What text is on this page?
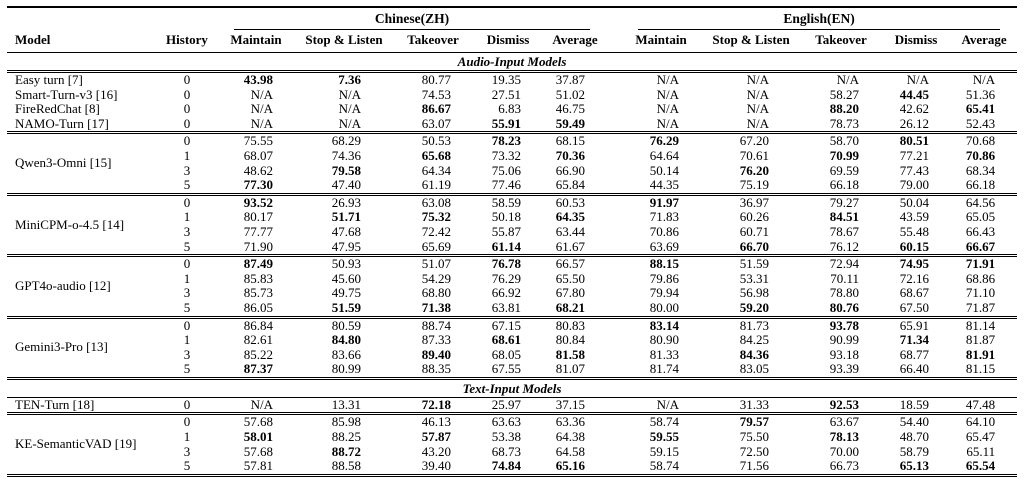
		Chinese(ZH)						English(EN)				

Model	History	Maintain	Stop & Listen	Takeover	Dismiss	Average		Maintain	Stop & Listen	Takeover	Dismiss	Average
Audio-Input Models												
Easy turn [7]	0	43.98	7.36	80.77	19.35	37.87		N/A	N/A	N/A	N/A	N/A
Smart-Turn-v3 [16]	0	N/A	N/A	74.53	27.51	51.02		N/A	N/A	58.27	44.45	51.36
FireRedChat [8]	0	N/A	N/A	86.67	6.83	46.75		N/A	N/A	88.20	42.62	65.41
NAMO-Turn [17]	0	N/A	N/A	63.07	55.91	59.49		N/A	N/A	78.73	26.12	52.43
Qwen3-Omni [15]	0	75.55	68.29	50.53	78.23	68.15		76.29	67.20	58.70	80.51	70.68
	1	68.07	74.36	65.68	73.32	70.36		64.64	70.61	70.99	77.21	70.86
	3	48.62	79.58	64.34	75.06	66.90		50.14	76.20	69.59	77.43	68.34
	5	77.30	47.40	61.19	77.46	65.84		44.35	75.19	66.18	79.00	66.18
MiniCPM-o-4.5 [14]	0	93.52	26.93	63.08	58.59	60.53		91.97	36.97	79.27	50.04	64.56
	1	80.17	51.71	75.32	50.18	64.35		71.83	60.26	84.51	43.59	65.05
	3	77.77	47.68	72.42	55.87	63.44		70.86	60.71	78.67	55.48	66.43
	5	71.90	47.95	65.69	61.14	61.67		63.69	66.70	76.12	60.15	66.67
GPT4o-audio [12]	0	87.49	50.93	51.07	76.78	66.57		88.15	51.59	72.94	74.95	71.91
	1	85.83	45.60	54.29	76.29	65.50		79.86	53.31	70.11	72.16	68.86
	3	85.73	49.75	68.80	66.92	67.80		79.94	56.98	78.80	68.67	71.10
	5	86.05	51.59	71.38	63.81	68.21		80.00	59.20	80.76	67.50	71.87
Gemini3-Pro [13]	0	86.84	80.59	88.74	67.15	80.83		83.14	81.73	93.78	65.91	81.14
	1	82.61	84.80	87.33	68.61	80.84		80.90	84.25	90.99	71.34	81.87
	3	85.22	83.66	89.40	68.05	81.58		81.33	84.36	93.18	68.77	81.91
	5	87.37	80.99	88.35	67.55	81.07		81.74	83.05	93.39	66.40	81.15
Text-Input Models												
TEN-Turn [18]	0	N/A	13.31	72.18	25.97	37.15		N/A	31.33	92.53	18.59	47.48
KE-SemanticVAD [19]	0	57.68	85.98	46.13	63.63	63.36		58.74	79.57	63.67	54.40	64.10
	1	58.01	88.25	57.87	53.38	64.38		59.55	75.50	78.13	48.70	65.47
	3	57.68	88.72	43.20	68.73	64.58		59.15	72.50	70.00	58.79	65.11
	5	57.81	88.58	39.40	74.84	65.16		58.74	71.56	66.73	65.13	65.54
